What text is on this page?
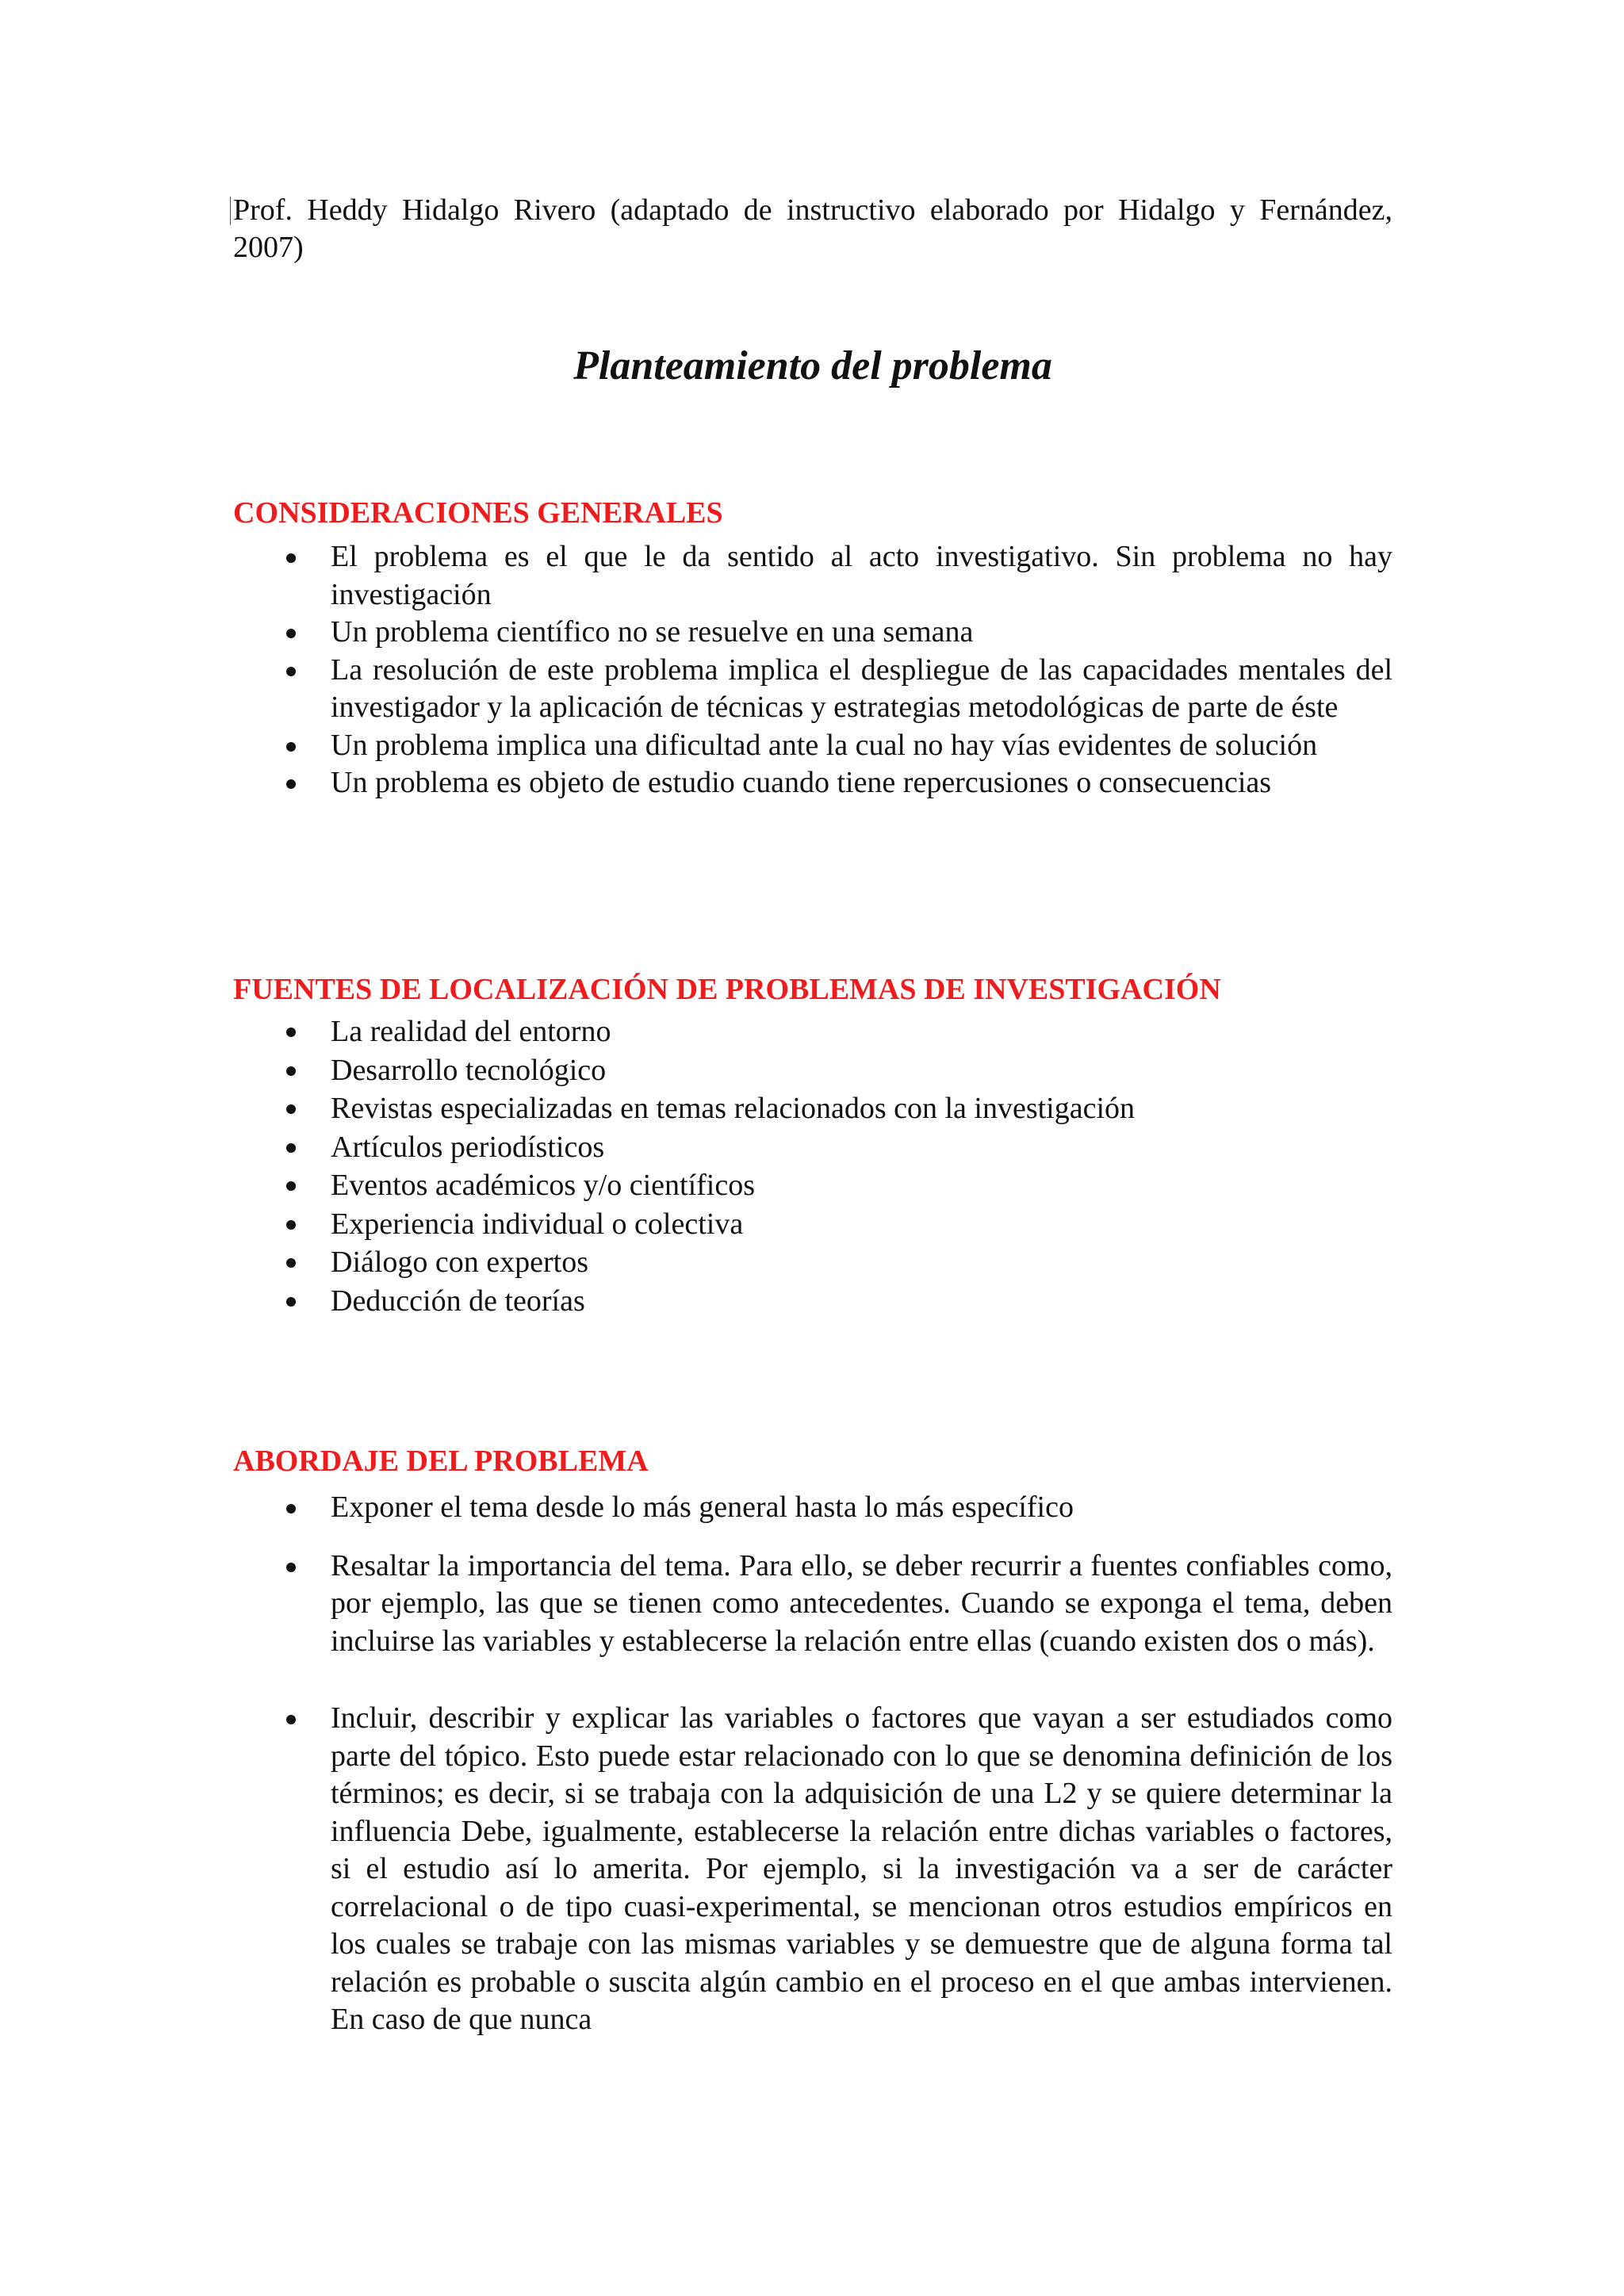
Prof. Heddy Hidalgo Rivero (adaptado de instructivo elaborado por Hidalgo y Fernández, 2007)

Planteamiento del problema
CONSIDERACIONES GENERALES
El problema es el que le da sentido al acto investigativo. Sin problema no hay investigación
Un problema científico no se resuelve en una semana
La resolución de este problema implica el despliegue de las capacidades mentales del investigador y la aplicación de técnicas y estrategias metodológicas de parte de éste
Un problema implica una dificultad ante la cual no hay vías evidentes de solución
Un problema es objeto de estudio cuando tiene repercusiones o consecuencias
FUENTES DE LOCALIZACIÓN DE PROBLEMAS DE INVESTIGACIÓN
La realidad del entorno
Desarrollo tecnológico
Revistas especializadas en temas relacionados con la investigación
Artículos periodísticos
Eventos académicos y/o científicos
Experiencia individual o colectiva
Diálogo con expertos
Deducción de teorías
ABORDAJE DEL PROBLEMA
Exponer el tema desde lo más general hasta lo más específico
Resaltar la importancia del tema. Para ello, se deber recurrir a fuentes confiables como, por ejemplo, las que se tienen como antecedentes. Cuando se exponga el tema, deben incluirse las variables y establecerse la relación entre ellas (cuando existen dos o más).
Incluir, describir y explicar las variables o factores que vayan a ser estudiados como parte del tópico. Esto puede estar relacionado con lo que se denomina definición de los términos; es decir, si se trabaja con la adquisición de una L2 y se quiere determinar la influencia Debe, igualmente, establecerse la relación entre dichas variables o factores, si el estudio así lo amerita. Por ejemplo, si la investigación va a ser de carácter correlacional o de tipo cuasi-experimental, se mencionan otros estudios empíricos en los cuales se trabaje con las mismas variables y se demuestre que de alguna forma tal relación es probable o suscita algún cambio en el proceso en el que ambas intervienen. En caso de que nunca
